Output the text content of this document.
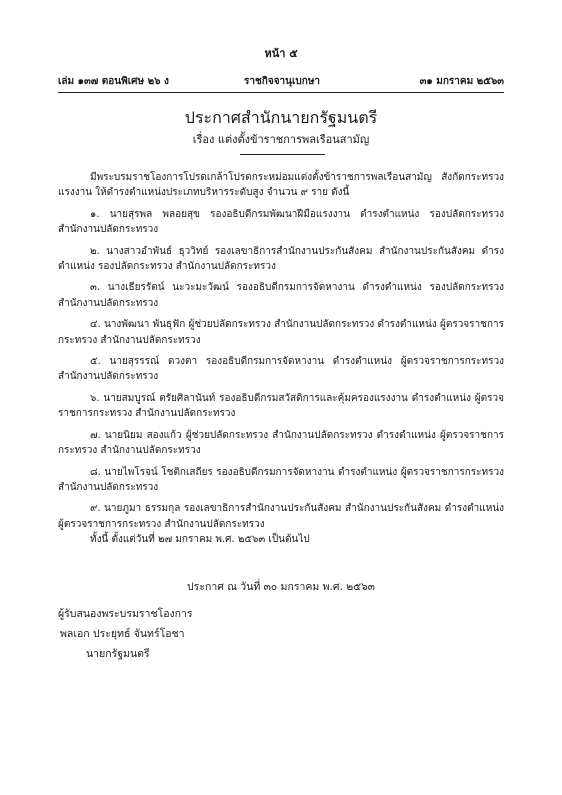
หน้า ๕
เล่ม ๑๓๗ ตอนพิเศษ ๒๖ ง	ราชกิจจานุเบกษา	๓๑ มกราคม ๒๕๖๓
ประกาศสำนักนายกรัฐมนตรี
เรื่อง แต่งตั้งข้าราชการพลเรือนสามัญ

มีพระบรมราชโองการโปรดเกล้าโปรดกระหม่อมแต่งตั้งข้าราชการพลเรือนสามัญ สังกัดกระทรวงแรงงาน ให้ดำรงตำแหน่งประเภทบริหารระดับสูง จำนวน ๙ ราย ดังนี้

๑. นายสุรพล พลอยสุข รองอธิบดีกรมพัฒนาฝีมือแรงงาน ดำรงตำแหน่ง รองปลัดกระทรวง สำนักงานปลัดกระทรวง

๒. นางสาวอำพันธ์ ธุววิทย์ รองเลขาธิการสำนักงานประกันสังคม สำนักงานประกันสังคม ดำรงตำแหน่ง รองปลัดกระทรวง สำนักงานปลัดกระทรวง

๓. นางเธียรรัตน์ นะวะมะวัฒน์ รองอธิบดีกรมการจัดหางาน ดำรงตำแหน่ง รองปลัดกระทรวง สำนักงานปลัดกระทรวง

๔. นางพัฒนา พันธุฟัก ผู้ช่วยปลัดกระทรวง สำนักงานปลัดกระทรวง ดำรงตำแหน่ง ผู้ตรวจราชการกระทรวง สำนักงานปลัดกระทรวง

๕. นายสุรรรณ์ ดวงตา รองอธิบดีกรมการจัดหางาน ดำรงตำแหน่ง ผู้ตรวจราชการกระทรวง สำนักงานปลัดกระทรวง

๖. นายสมบูรณ์ ตรัยศิลานันท์ รองอธิบดีกรมสวัสดิการและคุ้มครองแรงงาน ดำรงตำแหน่ง ผู้ตรวจราชการกระทรวง สำนักงานปลัดกระทรวง

๗. นายนิยม สองแก้ว ผู้ช่วยปลัดกระทรวง สำนักงานปลัดกระทรวง ดำรงตำแหน่ง ผู้ตรวจราชการกระทรวง สำนักงานปลัดกระทรวง

๘. นายไพโรจน์ โชติกเสถียร รองอธิบดีกรมการจัดหางาน ดำรงตำแหน่ง ผู้ตรวจราชการกระทรวง สำนักงานปลัดกระทรวง

๙. นายภูมา ธรรมกุล รองเลขาธิการสำนักงานประกันสังคม สำนักงานประกันสังคม ดำรงตำแหน่ง ผู้ตรวจราชการกระทรวง สำนักงานปลัดกระทรวง

ทั้งนี้ ตั้งแต่วันที่ ๒๗ มกราคม พ.ศ. ๒๕๖๓ เป็นต้นไป

ประกาศ ณ วันที่ ๓๐ มกราคม พ.ศ. ๒๕๖๓
ผู้รับสนองพระบรมราชโองการ
พลเอก ประยุทธ์ จันทร์โอชา
นายกรัฐมนตรี
